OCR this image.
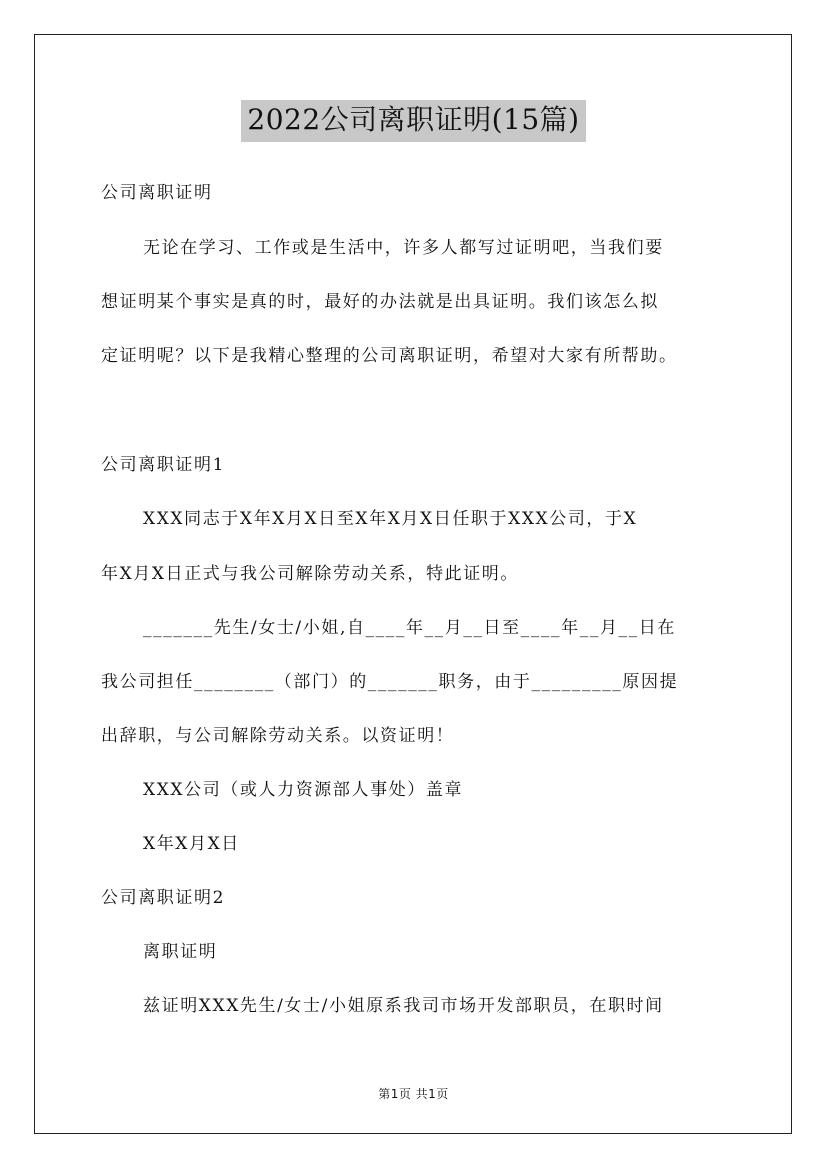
2022公司离职证明(15篇)
公司离职证明
无论在学习、工作或是生活中，许多人都写过证明吧，当我们要
想证明某个事实是真的时，最好的办法就是出具证明。我们该怎么拟
定证明呢？以下是我精心整理的公司离职证明，希望对大家有所帮助。
公司离职证明1
XXX同志于X年X月X日至X年X月X日任职于XXX公司，于X
年X月X日正式与我公司解除劳动关系，特此证明。
_______先生/女士/小姐,自____年__月__日至____年__月__日在
我公司担任________（部门）的_______职务，由于_________原因提
出辞职，与公司解除劳动关系。以资证明！
XXX公司（或人力资源部人事处）盖章
X年X月X日
公司离职证明2
离职证明
兹证明XXX先生/女士/小姐原系我司市场开发部职员，在职时间
第1页 共1页
